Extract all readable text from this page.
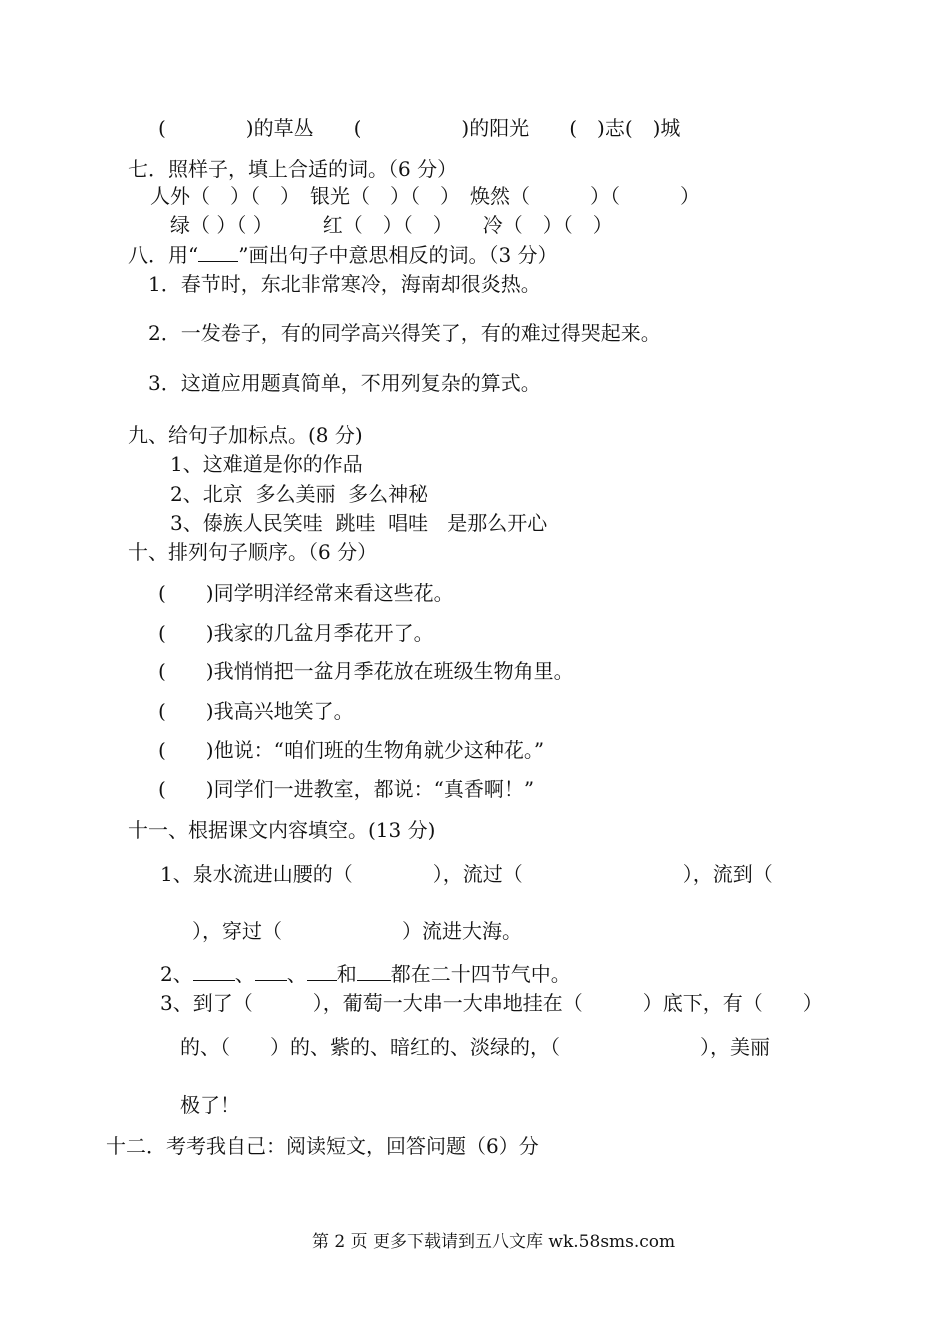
(　　　　)的草丛　　(　　　　　)的阳光　　(　)志(　)城
七．照样子，填上合适的词。（6 分）
人外（　）（　）　银光（　）（　）　焕然（　　　）（　　　）
绿（ ）（ ）　　　红（　）（　）　　冷（　）（　）
八．用“ ”画出句子中意思相反的词。（3 分）
1．春节时，东北非常寒冷，海南却很炎热。
2．一发卷子，有的同学高兴得笑了，有的难过得哭起来。
3．这道应用题真简单，不用列复杂的算式。
九、给句子加标点。(8 分)
1、这难道是你的作品
2、北京  多么美丽  多么神秘
3、傣族人民笑哇  跳哇  唱哇   是那么开心
十、排列句子顺序。（6 分）
(　　)同学明洋经常来看这些花。
(　　)我家的几盆月季花开了。
(　　)我悄悄把一盆月季花放在班级生物角里。
(　　)我高兴地笑了。
(　　)他说：“咱们班的生物角就少这种花。”
(　　)同学们一进教室，都说：“真香啊！”
十一、根据课文内容填空。(13 分)
1、泉水流进山腰的（　　　　），流过（　　　　　　　　），流到（
），穿过（　　　　　　）流进大海。
2、 、 、 和 都在二十四节气中。
3、到了（　　　），葡萄一大串一大串地挂在（　　　）底下，有（　　）
的、（　　）的、紫的、暗红的、淡绿的，（　　　　　　　），美丽
极了！
十二．考考我自己：阅读短文，回答问题（6）分
第 2 页 更多下载请到五八文库 wk.58sms.com
